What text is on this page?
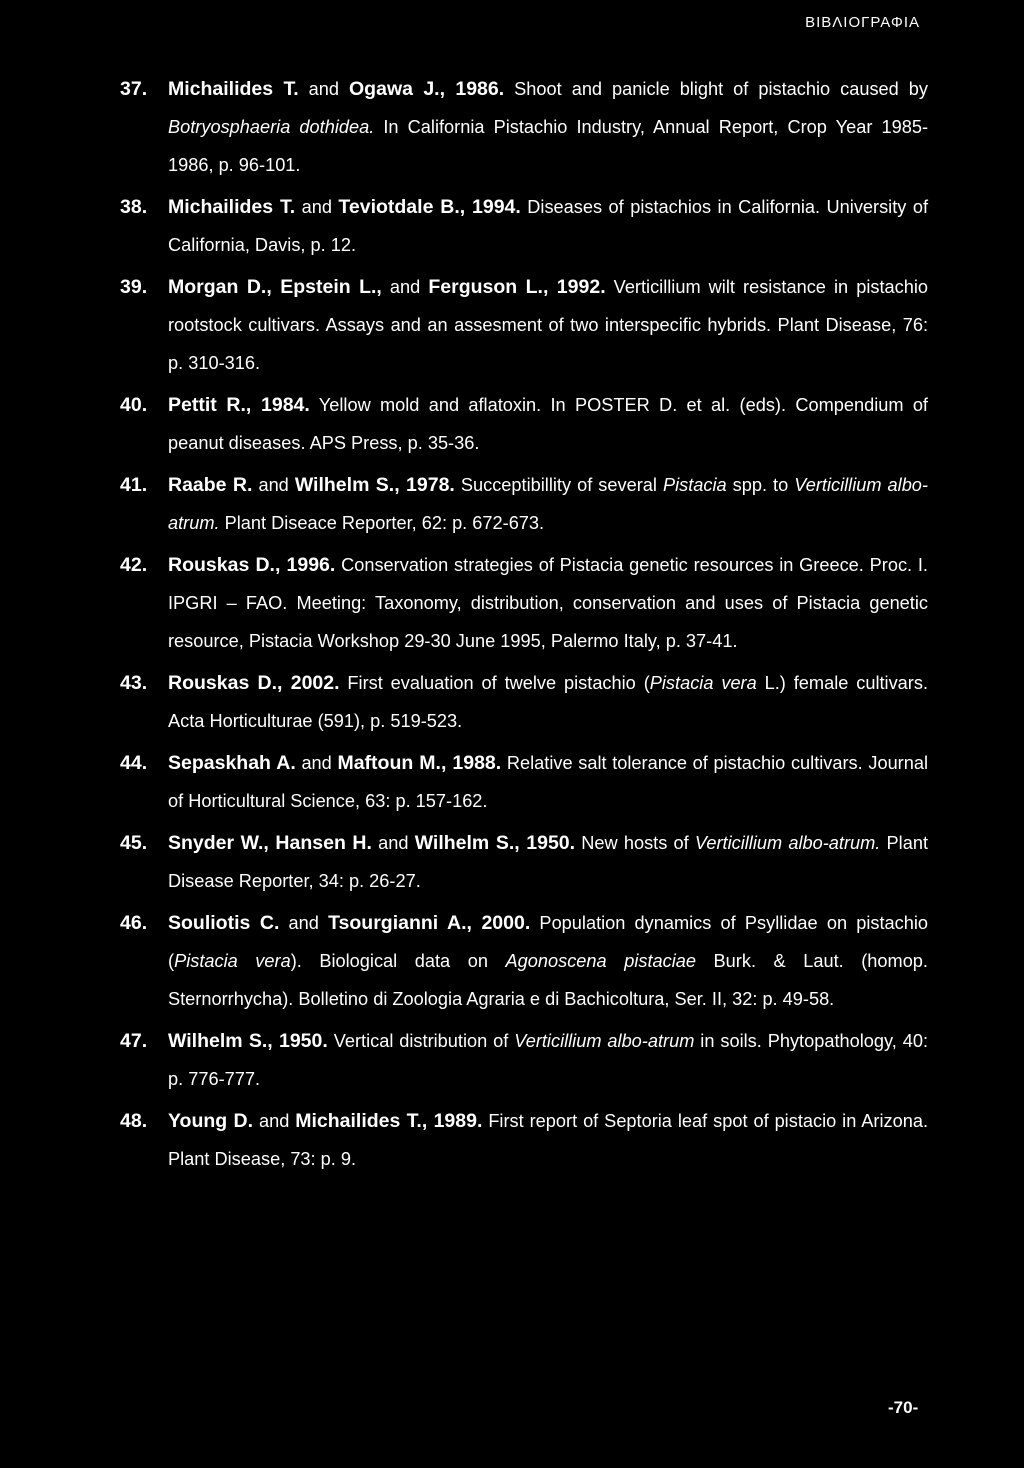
ΒΙΒΛΙΟΓΡΑΦΙΑ
37. Michailides T. and Ogawa J., 1986. Shoot and panicle blight of pistachio caused by Botryosphaeria dothidea. In California Pistachio Industry, Annual Report, Crop Year 1985-1986, p. 96-101.
38. Michailides T. and Teviotdale B., 1994. Diseases of pistachios in California. University of California, Davis, p. 12.
39. Morgan D., Epstein L., and Ferguson L., 1992. Verticillium wilt resistance in pistachio rootstock cultivars. Assays and an assesment of two interspecific hybrids. Plant Disease, 76: p. 310-316.
40. Pettit R., 1984. Yellow mold and aflatoxin. In POSTER D. et al. (eds). Compendium of peanut diseases. APS Press, p. 35-36.
41. Raabe R. and Wilhelm S., 1978. Succeptibillity of several Pistacia spp. to Verticillium albo-atrum. Plant Diseace Reporter, 62: p. 672-673.
42. Rouskas D., 1996. Conservation strategies of Pistacia genetic resources in Greece. Proc. I. IPGRI – FAO. Meeting: Taxonomy, distribution, conservation and uses of Pistacia genetic resource, Pistacia Workshop 29-30 June 1995, Palermo Italy, p. 37-41.
43. Rouskas D., 2002. First evaluation of twelve pistachio (Pistacia vera L.) female cultivars. Acta Horticulturae (591), p. 519-523.
44. Sepaskhah A. and Maftoun M., 1988. Relative salt tolerance of pistachio cultivars. Journal of Horticultural Science, 63: p. 157-162.
45. Snyder W., Hansen H. and Wilhelm S., 1950. New hosts of Verticillium albo-atrum. Plant Disease Reporter, 34: p. 26-27.
46. Souliotis C. and Tsourgianni A., 2000. Population dynamics of Psyllidae on pistachio (Pistacia vera). Biological data on Agonoscena pistaciae Burk. & Laut. (homop. Sternorrhycha). Bolletino di Zoologia Agraria e di Bachicoltura, Ser. II, 32: p. 49-58.
47. Wilhelm S., 1950. Vertical distribution of Verticillium albo-atrum in soils. Phytopathology, 40: p. 776-777.
48. Young D. and Michailides T., 1989. First report of Septoria leaf spot of pistacio in Arizona. Plant Disease, 73: p. 9.
-70-
